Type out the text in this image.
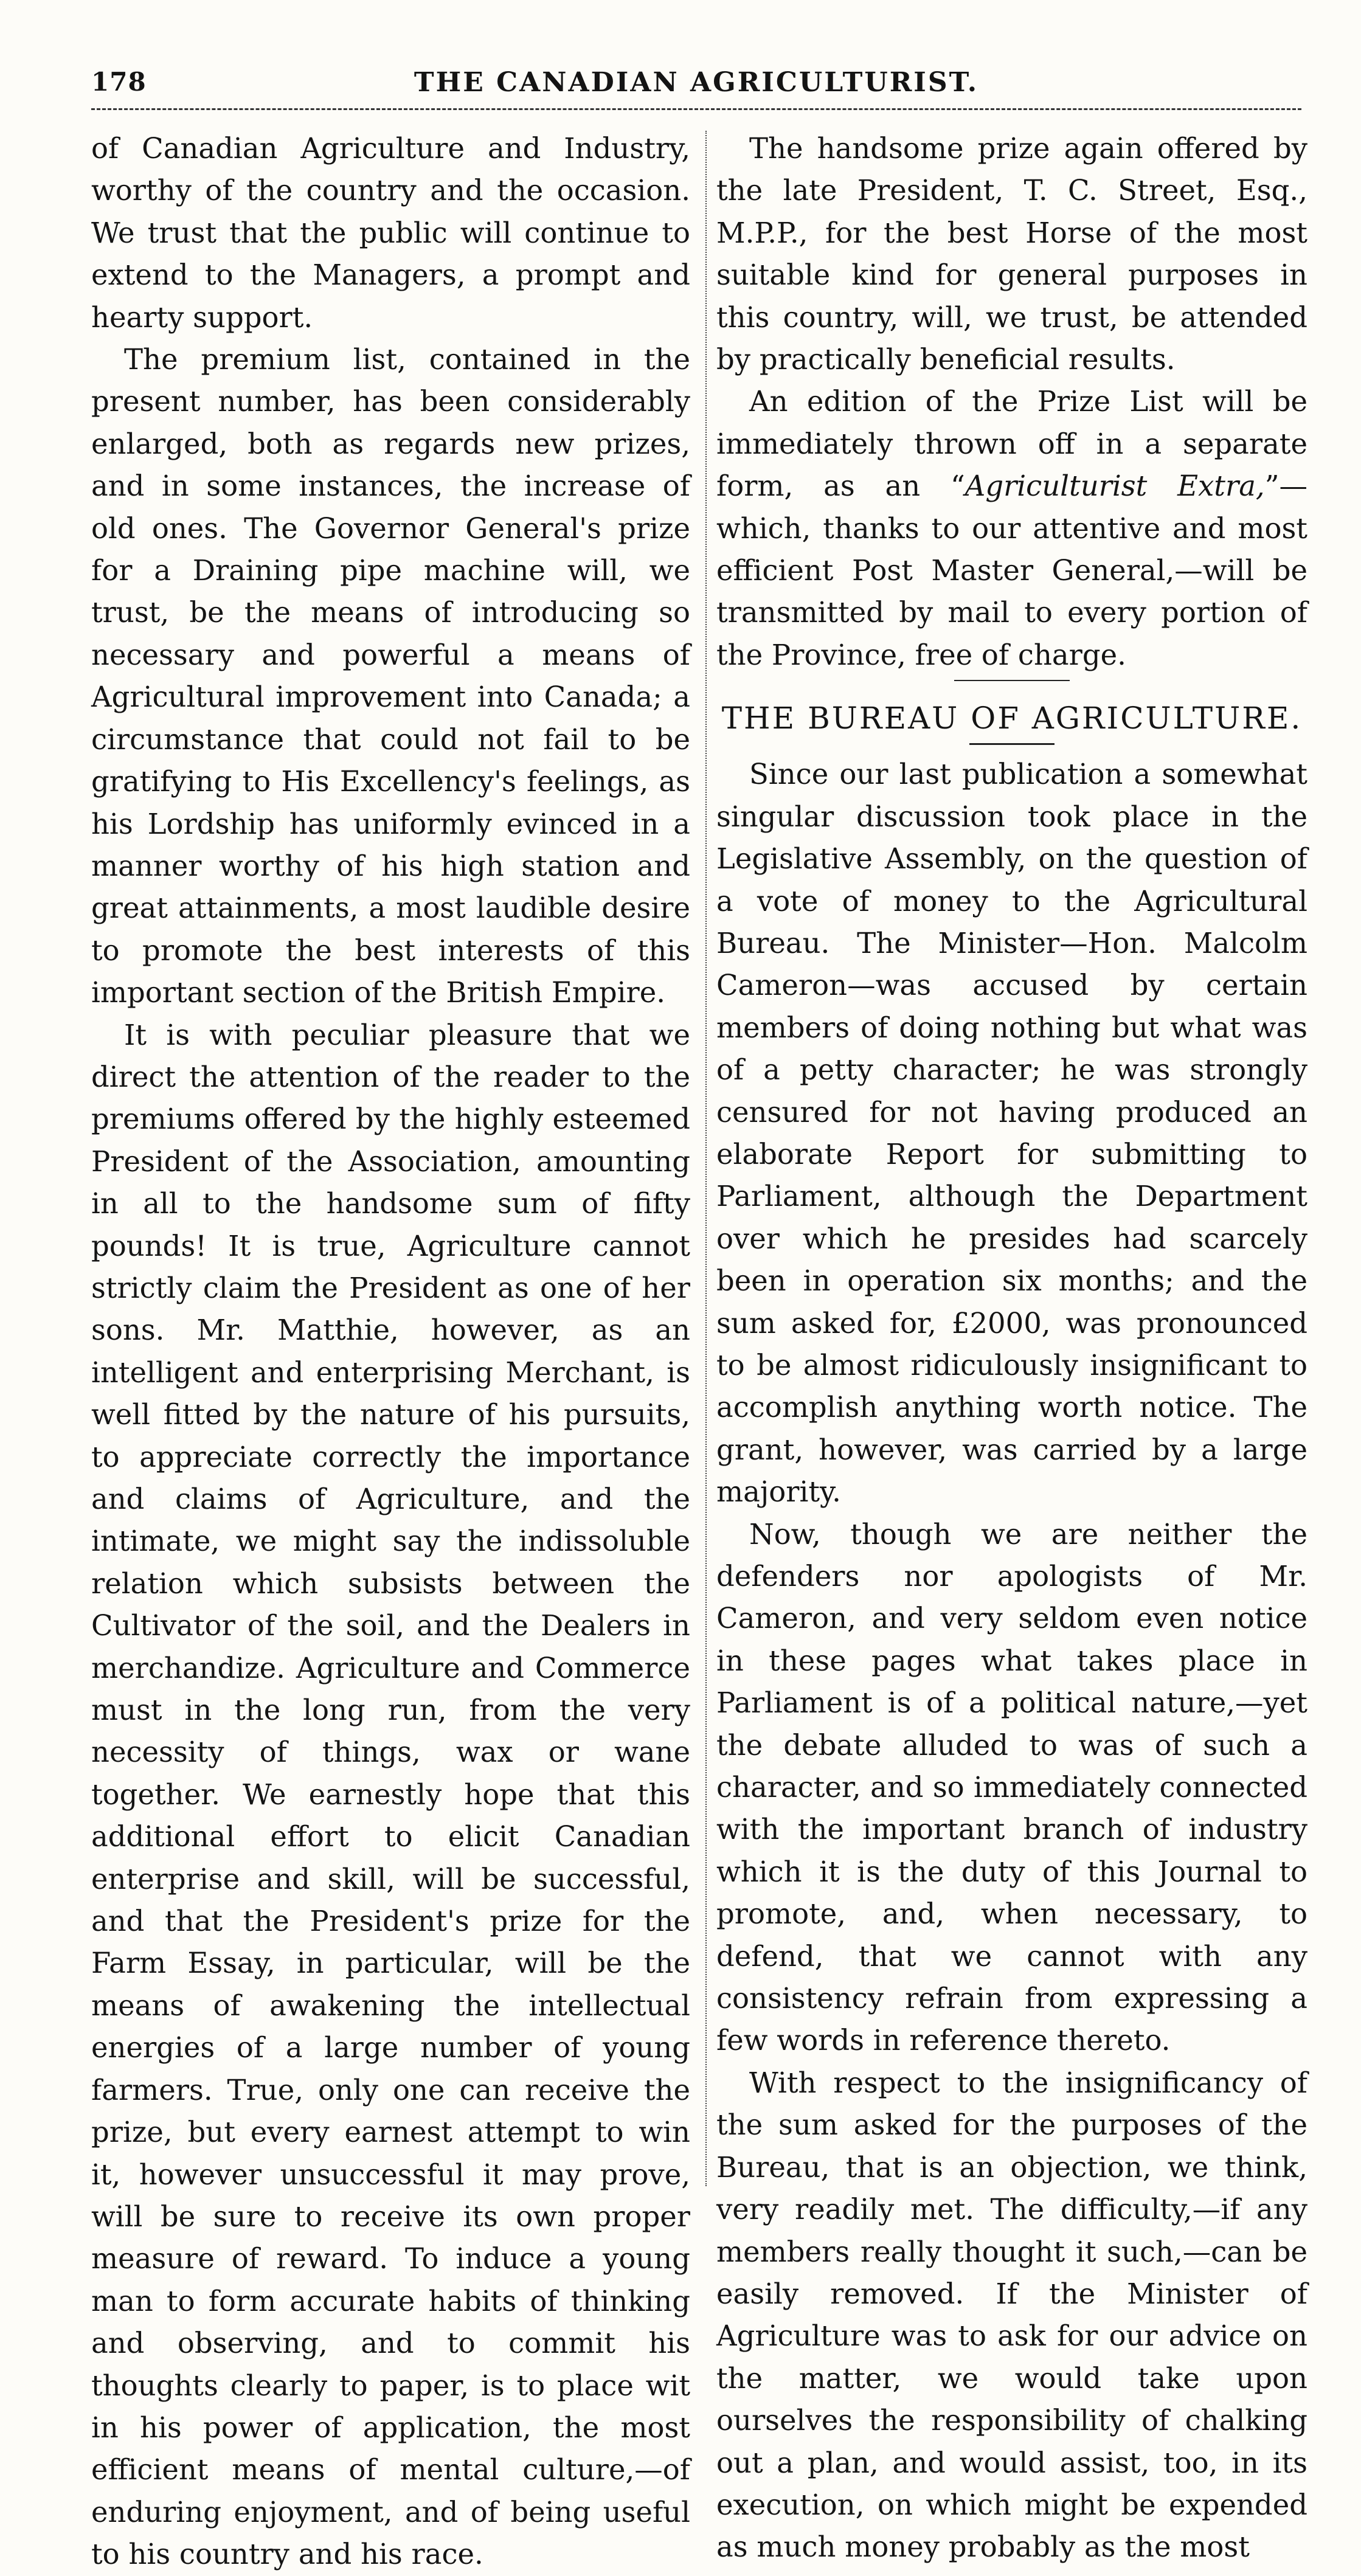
178	THE CANADIAN AGRICULTURIST.

of Canadian Agriculture and Industry, worthy of the country and the occasion. We trust that the public will continue to extend to the Managers, a prompt and hearty support.

The premium list, contained in the present number, has been considerably enlarged, both as regards new prizes, and in some instances, the increase of old ones. The Governor General's prize for a Draining pipe machine will, we trust, be the means of introducing so necessary and powerful a means of Agricultural improvement into Canada; a circumstance that could not fail to be gratifying to His Excellency's feelings, as his Lordship has uniformly evinced in a manner worthy of his high station and great attainments, a most laudible desire to promote the best interests of this important section of the British Empire.

It is with peculiar pleasure that we direct the attention of the reader to the premiums offered by the highly esteemed President of the Association, amounting in all to the handsome sum of fifty pounds! It is true, Agriculture cannot strictly claim the President as one of her sons. Mr. Matthie, however, as an intelligent and enterprising Merchant, is well fitted by the nature of his pursuits, to appreciate correctly the importance and claims of Agriculture, and the intimate, we might say the indissoluble relation which subsists between the Cultivator of the soil, and the Dealers in merchandize. Agriculture and Commerce must in the long run, from the very necessity of things, wax or wane together. We earnestly hope that this additional effort to elicit Canadian enterprise and skill, will be successful, and that the President's prize for the Farm Essay, in particular, will be the means of awakening the intellectual energies of a large number of young farmers. True, only one can receive the prize, but every earnest attempt to win it, however unsuccessful it may prove, will be sure to receive its own proper measure of reward. To induce a young man to form accurate habits of thinking and observing, and to commit his thoughts clearly to paper, is to place wit in his power of application, the most efficient means of mental culture,—of enduring enjoyment, and of being useful to his country and his race.

The handsome prize again offered by the late President, T. C. Street, Esq., M.P.P., for the best Horse of the most suitable kind for general purposes in this country, will, we trust, be attended by practically beneficial results.

An edition of the Prize List will be immediately thrown off in a separate form, as an “Agriculturist Extra,”—which, thanks to our attentive and most efficient Post Master General,—will be transmitted by mail to every portion of the Province, free of charge.

THE BUREAU OF AGRICULTURE.

Since our last publication a somewhat singular discussion took place in the Legislative Assembly, on the question of a vote of money to the Agricultural Bureau. The Minister—Hon. Malcolm Cameron—was accused by certain members of doing nothing but what was of a petty character; he was strongly censured for not having produced an elaborate Report for submitting to Parliament, although the Department over which he presides had scarcely been in operation six months; and the sum asked for, £2000, was pronounced to be almost ridiculously insignificant to accomplish anything worth notice. The grant, however, was carried by a large majority.

Now, though we are neither the defenders nor apologists of Mr. Cameron, and very seldom even notice in these pages what takes place in Parliament is of a political nature,—yet the debate alluded to was of such a character, and so immediately connected with the important branch of industry which it is the duty of this Journal to promote, and, when necessary, to defend, that we cannot with any consistency refrain from expressing a few words in reference thereto.

With respect to the insignificancy of the sum asked for the purposes of the Bureau, that is an objection, we think, very readily met. The difficulty,—if any members really thought it such,—can be easily removed. If the Minister of Agriculture was to ask for our advice on the matter, we would take upon ourselves the responsibility of chalking out a plan, and would assist, too, in its execution, on which might be expended as much money probably as the most
